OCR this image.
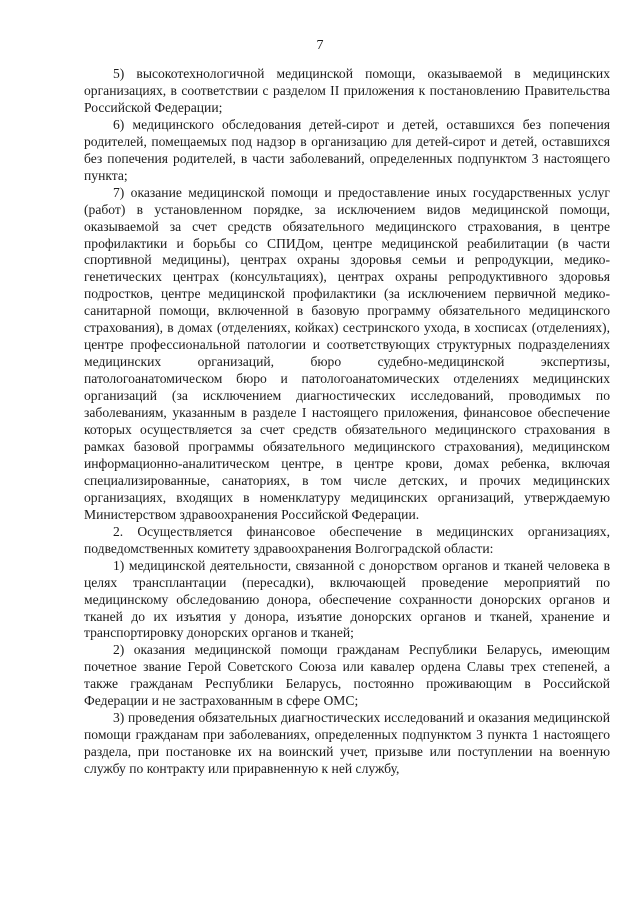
7

5) высокотехнологичной медицинской помощи, оказываемой в медицинских организациях, в соответствии с разделом II приложения к постановлению Правительства Российской Федерации;

6) медицинского обследования детей-сирот и детей, оставшихся без попечения родителей, помещаемых под надзор в организацию для детей-сирот и детей, оставшихся без попечения родителей, в части заболеваний, определенных подпунктом 3 настоящего пункта;

7) оказание медицинской помощи и предоставление иных государственных услуг (работ) в установленном порядке, за исключением видов медицинской помощи, оказываемой за счет средств обязательного медицинского страхования, в центре профилактики и борьбы со СПИДом, центре медицинской реабилитации (в части спортивной медицины), центрах охраны здоровья семьи и репродукции, медико-генетических центрах (консультациях), центрах охраны репродуктивного здоровья подростков, центре медицинской профилактики (за исключением первичной медико-санитарной помощи, включенной в базовую программу обязательного медицинского страхования), в домах (отделениях, койках) сестринского ухода, в хосписах (отделениях), центре профессиональной патологии и соответствующих структурных подразделениях медицинских организаций, бюро судебно-медицинской экспертизы, патологоанатомическом бюро и патологоанатомических отделениях медицинских организаций (за исключением диагностических исследований, проводимых по заболеваниям, указанным в разделе I настоящего приложения, финансовое обеспечение которых осуществляется за счет средств обязательного медицинского страхования в рамках базовой программы обязательного медицинского страхования), медицинском информационно-аналитическом центре, в центре крови, домах ребенка, включая специализированные, санаториях, в том числе детских, и прочих медицинских организациях, входящих в номенклатуру медицинских организаций, утверждаемую Министерством здравоохранения Российской Федерации.

2. Осуществляется финансовое обеспечение в медицинских организациях, подведомственных комитету здравоохранения Волгоградской области:

1) медицинской деятельности, связанной с донорством органов и тканей человека в целях трансплантации (пересадки), включающей проведение мероприятий по медицинскому обследованию донора, обеспечение сохранности донорских органов и тканей до их изъятия у донора, изъятие донорских органов и тканей, хранение и транспортировку донорских органов и тканей;

2) оказания медицинской помощи гражданам Республики Беларусь, имеющим почетное звание Герой Советского Союза или кавалер ордена Славы трех степеней, а также гражданам Республики Беларусь, постоянно проживающим в Российской Федерации и не застрахованным в сфере ОМС;

3) проведения обязательных диагностических исследований и оказания медицинской помощи гражданам при заболеваниях, определенных подпунктом 3 пункта 1 настоящего раздела, при постановке их на воинский учет, призыве или поступлении на военную службу по контракту или приравненную к ней службу,
